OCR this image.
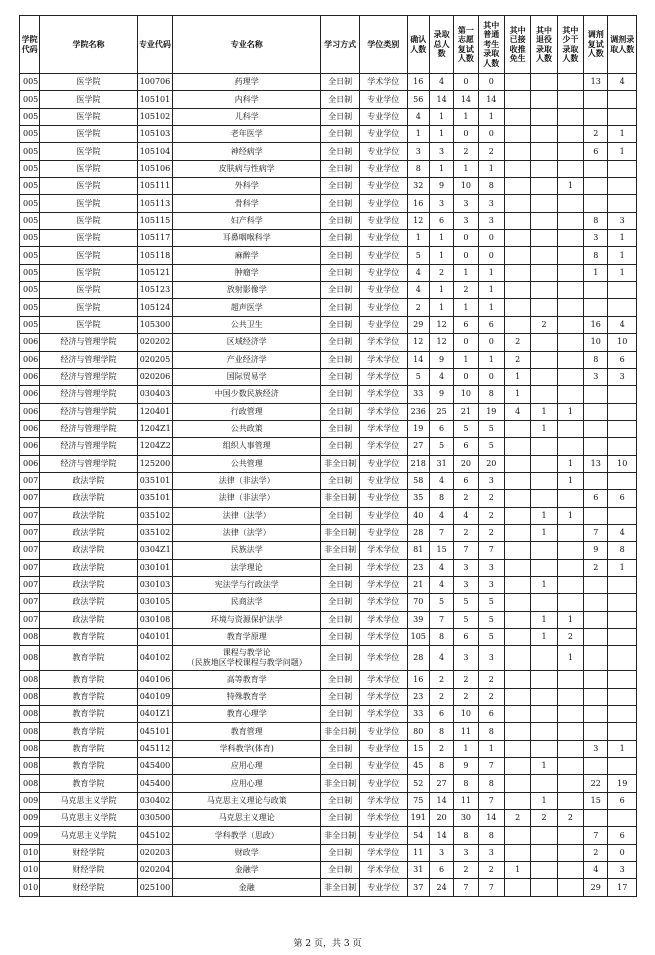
学院代码	学院名称	专业代码	专业名称	学习方式	学位类别	确认人数	录取总人数	第一志愿复试人数	其中普通考生录取人数	其中已接收推免生	其中退役录取人数	其中少干录取人数	调剂复试人数	调剂录取人数
005	医学院	100706	药理学	全日制	学术学位	16	4	0	0				13	4
005	医学院	105101	内科学	全日制	专业学位	56	14	14	14					
005	医学院	105102	儿科学	全日制	专业学位	4	1	1	1					
005	医学院	105103	老年医学	全日制	专业学位	1	1	0	0				2	1
005	医学院	105104	神经病学	全日制	专业学位	3	3	2	2				6	1
005	医学院	105106	皮肤病与性病学	全日制	专业学位	8	1	1	1					
005	医学院	105111	外科学	全日制	专业学位	32	9	10	8			1		
005	医学院	105113	骨科学	全日制	专业学位	16	3	3	3					
005	医学院	105115	妇产科学	全日制	专业学位	12	6	3	3				8	3
005	医学院	105117	耳鼻咽喉科学	全日制	专业学位	1	1	0	0				3	1
005	医学院	105118	麻醉学	全日制	专业学位	5	1	0	0				8	1
005	医学院	105121	肿瘤学	全日制	专业学位	4	2	1	1				1	1
005	医学院	105123	放射影像学	全日制	专业学位	4	1	2	1					
005	医学院	105124	超声医学	全日制	专业学位	2	1	1	1					
005	医学院	105300	公共卫生	全日制	专业学位	29	12	6	6		2		16	4
006	经济与管理学院	020202	区域经济学	全日制	学术学位	12	12	0	0	2			10	10
006	经济与管理学院	020205	产业经济学	全日制	学术学位	14	9	1	1	2			8	6
006	经济与管理学院	020206	国际贸易学	全日制	学术学位	5	4	0	0	1			3	3
006	经济与管理学院	030403	中国少数民族经济	全日制	学术学位	33	9	10	8	1				
006	经济与管理学院	120401	行政管理	全日制	学术学位	236	25	21	19	4	1	1		
006	经济与管理学院	1204Z1	公共政策	全日制	学术学位	19	6	5	5		1			
006	经济与管理学院	1204Z2	组织人事管理	全日制	学术学位	27	5	6	5					
006	经济与管理学院	125200	公共管理	非全日制	专业学位	218	31	20	20			1	13	10
007	政法学院	035101	法律（非法学）	全日制	专业学位	58	4	6	3			1		
007	政法学院	035101	法律（非法学）	非全日制	专业学位	35	8	2	2				6	6
007	政法学院	035102	法律（法学）	全日制	专业学位	40	4	4	2		1	1		
007	政法学院	035102	法律（法学）	非全日制	专业学位	28	7	2	2		1		7	4
007	政法学院	0304Z1	民族法学	非全日制	学术学位	81	15	7	7				9	8
007	政法学院	030101	法学理论	全日制	学术学位	23	4	3	3				2	1
007	政法学院	030103	宪法学与行政法学	全日制	学术学位	21	4	3	3		1			
007	政法学院	030105	民商法学	全日制	学术学位	70	5	5	5					
007	政法学院	030108	环境与资源保护法学	全日制	学术学位	39	7	5	5		1	1		
008	教育学院	040101	教育学原理	全日制	学术学位	105	8	6	5		1	2		
008	教育学院	040102	课程与教学论
（民族地区学校课程与教学问题）	全日制	学术学位	28	4	3	3			1		
008	教育学院	040106	高等教育学	全日制	学术学位	16	2	2	2					
008	教育学院	040109	特殊教育学	全日制	学术学位	23	2	2	2					
008	教育学院	0401Z1	教育心理学	全日制	学术学位	33	6	10	6					
008	教育学院	045101	教育管理	非全日制	专业学位	80	8	11	8					
008	教育学院	045112	学科教学(体育)	全日制	专业学位	15	2	1	1				3	1
008	教育学院	045400	应用心理	全日制	专业学位	45	8	9	7		1			
008	教育学院	045400	应用心理	非全日制	专业学位	52	27	8	8				22	19
009	马克思主义学院	030402	马克思主义理论与政策	全日制	学术学位	75	14	11	7		1		15	6
009	马克思主义学院	030500	马克思主义理论	全日制	学术学位	191	20	30	14	2	2	2		
009	马克思主义学院	045102	学科教学（思政）	非全日制	专业学位	54	14	8	8				7	6
010	财经学院	020203	财政学	全日制	学术学位	11	3	3	3				2	0
010	财经学院	020204	金融学	全日制	学术学位	31	6	2	2	1			4	3
010	财经学院	025100	金融	非全日制	专业学位	37	24	7	7				29	17
第 2 页，共 3 页
